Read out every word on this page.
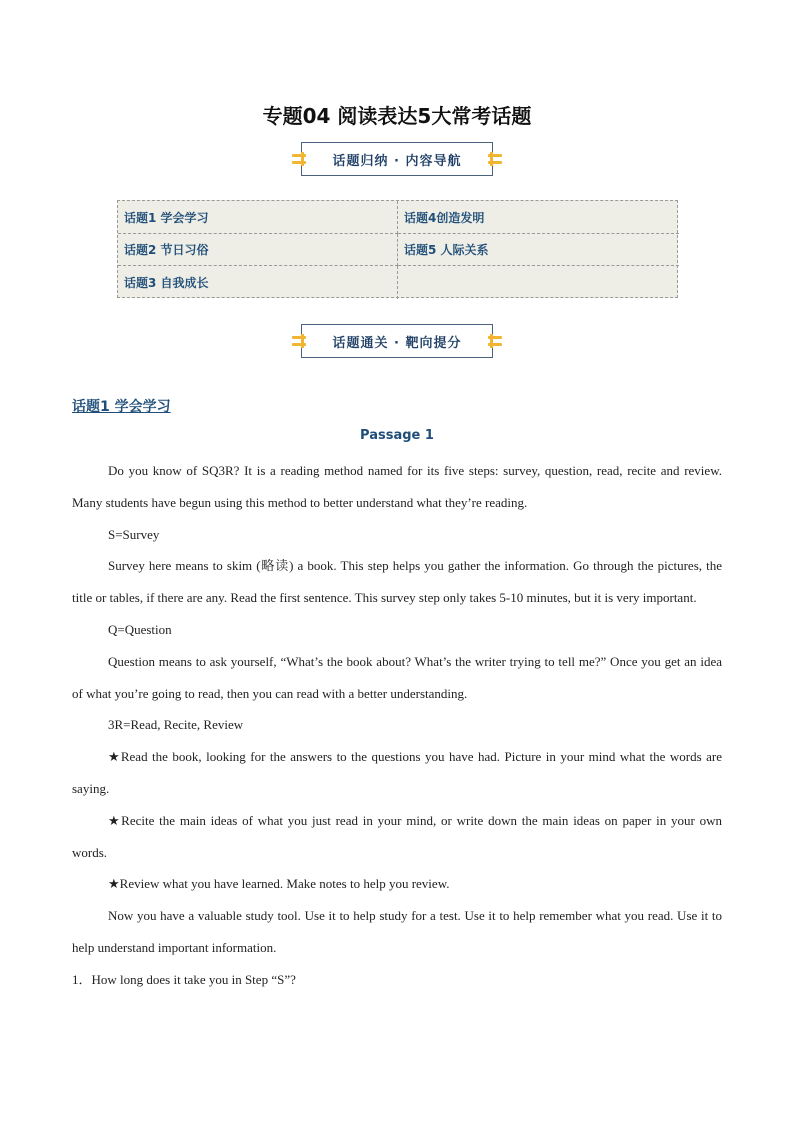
专题04 阅读表达5大常考话题
话题归纳 · 内容导航
话题1 学会学习	话题4创造发明
话题2 节日习俗	话题5 人际关系
话题3 自我成长
话题通关 · 靶向提分
话题1 学会学习
Passage 1

Do you know of SQ3R? It is a reading method named for its five steps: survey, question, read, recite and review. Many students have begun using this method to better understand what they’re reading.

S=Survey

Survey here means to skim (略读) a book. This step helps you gather the information. Go through the pictures, the title or tables, if there are any. Read the first sentence. This survey step only takes 5-10 minutes, but it is very important.

Q=Question

Question means to ask yourself, “What’s the book about? What’s the writer trying to tell me?” Once you get an idea of what you’re going to read, then you can read with a better understanding.

3R=Read, Recite, Review

★Read the book, looking for the answers to the questions you have had. Picture in your mind what the words are saying.

★Recite the main ideas of what you just read in your mind, or write down the main ideas on paper in your own words.

★Review what you have learned. Make notes to help you review.

Now you have a valuable study tool. Use it to help study for a test. Use it to help remember what you read. Use it to help understand important information.

1．How long does it take you in Step “S”?
